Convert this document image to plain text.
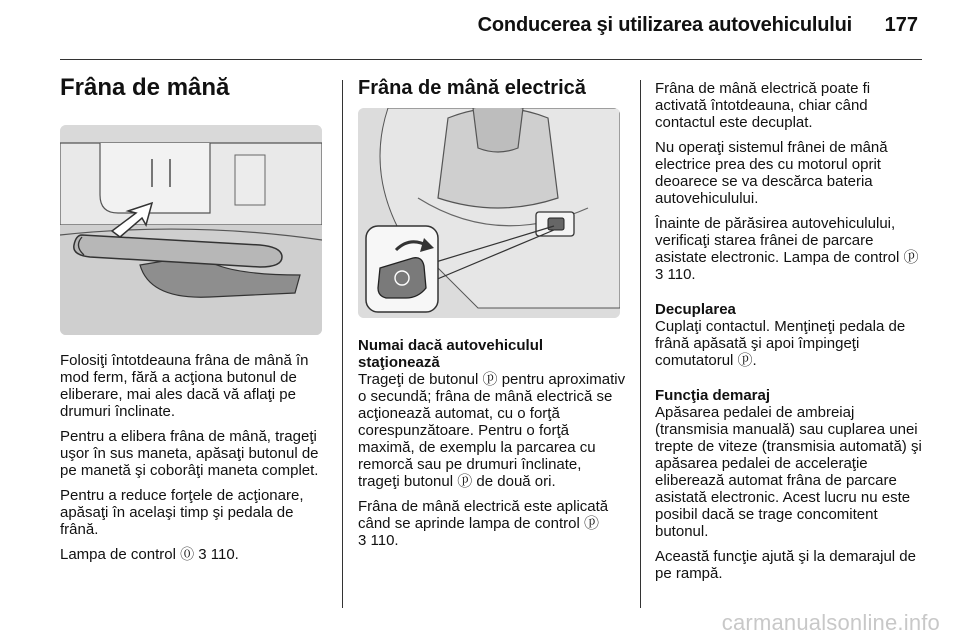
Conducerea şi utilizarea autovehiculului 177
Frâna de mână

Folosiţi întotdeauna frâna de mână în mod ferm, fără a acţiona butonul de eliberare, mai ales dacă vă aflaţi pe drumuri înclinate.

Pentru a elibera frâna de mână, trageţi uşor în sus maneta, apăsaţi butonul de pe manetă şi coborâţi maneta complet.

Pentru a reduce forţele de acţionare, apăsaţi în acelaşi timp şi pedala de frână.

Lampa de control ⓪ 3 110.

Frâna de mână electrică

Numai dacă autovehiculul staţionează

Trageţi de butonul ⓟ pentru aproximativ o secundă; frâna de mână electrică se acţionează automat, cu o forţă corespunzătoare. Pentru o forţă maximă, de exemplu la parcarea cu remorcă sau pe drumuri înclinate, trageţi butonul ⓟ de două ori.

Frâna de mână electrică este aplicată când se aprinde lampa de control ⓟ
3 110.

Frâna de mână electrică poate fi activată întotdeauna, chiar când contactul este decuplat.

Nu operaţi sistemul frânei de mână electrice prea des cu motorul oprit deoarece se va descărca bateria autovehiculului.

Înainte de părăsirea autovehiculului, verificaţi starea frânei de parcare asistate electronic. Lampa de control ⓟ 3 110.

Decuplarea

Cuplaţi contactul. Menţineţi pedala de frână apăsată şi apoi împingeţi comutatorul ⓟ.

Funcţia demaraj

Apăsarea pedalei de ambreiaj (transmisia manuală) sau cuplarea unei trepte de viteze (transmisia automată) şi apăsarea pedalei de acceleraţie eliberează automat frâna de parcare asistată electronic. Acest lucru nu este posibil dacă se trage concomitent butonul.

Această funcţie ajută şi la demarajul de pe rampă.

carmanualsonline.info
